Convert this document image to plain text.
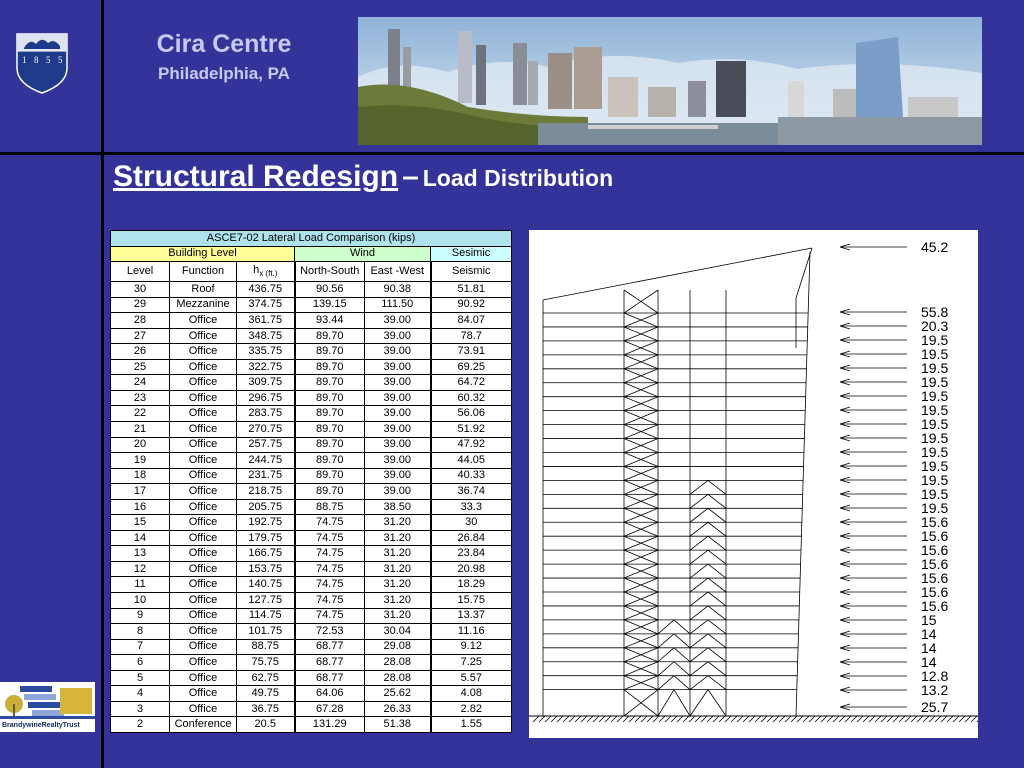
1 8 5 5
Cira Centre
Philadelphia, PA
Structural Redesign – Load Distribution
ASCE7-02 Lateral Load Comparison (kips)					
Building Level			Wind		Sesimic
Level	Function	$h_{x (ft.)}$	North-South	East -West	Seismic
30	Roof	436.75	90.56	90.38	51.81
29	Mezzanine	374.75	139.15	111.50	90.92
28	Office	361.75	93.44	39.00	84.07
27	Office	348.75	89.70	39.00	78.7
26	Office	335.75	89.70	39.00	73.91
25	Office	322.75	89.70	39.00	69.25
24	Office	309.75	89.70	39.00	64.72
23	Office	296.75	89.70	39.00	60.32
22	Office	283.75	89.70	39.00	56.06
21	Office	270.75	89.70	39.00	51.92
20	Office	257.75	89.70	39.00	47.92
19	Office	244.75	89.70	39.00	44.05
18	Office	231.75	89.70	39.00	40.33
17	Office	218.75	89.70	39.00	36.74
16	Office	205.75	88.75	38.50	33.3
15	Office	192.75	74.75	31.20	30
14	Office	179.75	74.75	31.20	26.84
13	Office	166.75	74.75	31.20	23.84
12	Office	153.75	74.75	31.20	20.98
11	Office	140.75	74.75	31.20	18.29
10	Office	127.75	74.75	31.20	15.75
9	Office	114.75	74.75	31.20	13.37
8	Office	101.75	72.53	30.04	11.16
7	Office	88.75	68.77	29.08	9.12
6	Office	75.75	68.77	28.08	7.25
5	Office	62.75	68.77	28.08	5.57
4	Office	49.75	64.06	25.62	4.08
3	Office	36.75	67.28	26.33	2.82
2	Conference	20.5	131.29	51.38	1.55
45.2
55.8
20.3
19.5
19.5
19.5
19.5
19.5
19.5
19.5
19.5
19.5
19.5
19.5
19.5
19.5
15.6
15.6
15.6
15.6
15.6
15.6
15.6
15
14
14
14
12.8
13.2
25.7
BrandywineRealtyTrust
